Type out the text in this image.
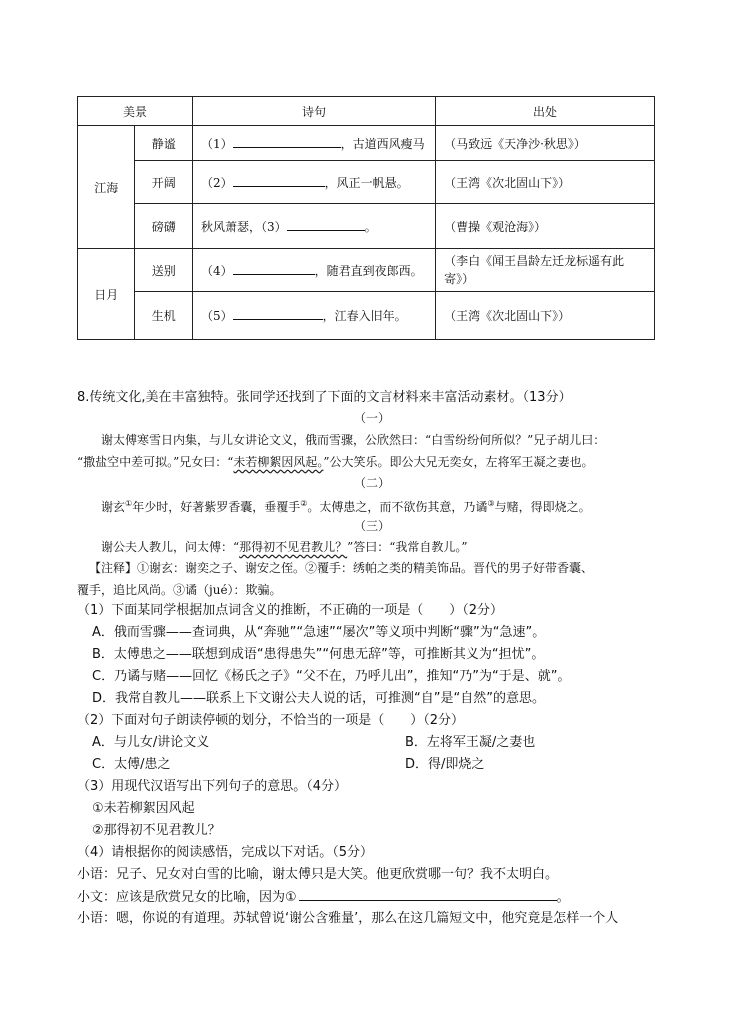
美景		诗句	出处
江海	静谧	（1） ，古道西风瘦马	（马致远《天净沙·秋思》）
	开阔	（2） ，风正一帆悬。	（王湾《次北固山下》）
	磅礴	秋风萧瑟，（3） 。	（曹操《观沧海》）
日月	送别	（4） ，随君直到夜郎西。	（李白《闻王昌龄左迁龙标遥有此寄》）
	生机	（5） ，江春入旧年。	（王湾《次北固山下》）
8.传统文化,美在丰富独特。张同学还找到了下面的文言材料来丰富活动素材。（13分）
（一）
谢太傅寒雪日内集，与儿女讲论文义，俄而雪骤，公欣然曰：“白雪纷纷何所似？”兄子胡儿曰：
“撒盐空中差可拟。”兄女曰：“未若柳絮因风起。”公大笑乐。即公大兄无奕女，左将军王凝之妻也。
（二）
谢玄①年少时，好著紫罗香囊，垂覆手②。太傅患之，而不欲伤其意，乃谲③与赌，得即烧之。
（三）
谢公夫人教儿，问太傅：“那得初不见君教儿？”答曰：“我常自教儿。”
【注释】①谢玄：谢奕之子、谢安之侄。②覆手：绣帕之类的精美饰品。晋代的男子好带香囊、
覆手，追比风尚。③谲（jué）：欺骗。
（1）下面某同学根据加点词含义的推断，不正确的一项是（　　）（2分）
A．俄而雪骤——查词典，从“奔驰”“急速”“屡次”等义项中判断“骤”为“急速”。
B．太傅患之——联想到成语“患得患失”“何患无辞”等，可推断其义为“担忧”。
C．乃谲与赌——回忆《杨氏之子》“父不在，乃呼儿出”，推知“乃”为“于是、就”。
D．我常自教儿——联系上下文谢公夫人说的话，可推测“自”是“自然”的意思。
（2）下面对句子朗读停顿的划分，不恰当的一项是（　　）（2分）
A．与儿女/讲论文义	B．左将军王凝/之妻也
C．太傅/患之	D．得/即烧之
（3）用现代汉语写出下列句子的意思。（4分）
①未若柳絮因风起
②那得初不见君教儿？
（4）请根据你的阅读感悟，完成以下对话。（5分）
小语：兄子、兄女对白雪的比喻，谢太傅只是大笑。他更欣赏哪一句？我不太明白。
小文：应该是欣赏兄女的比喻，因为①	。
小语：嗯，你说的有道理。苏轼曾说‘谢公含雅量’，那么在这几篇短文中，他究竟是怎样一个人
